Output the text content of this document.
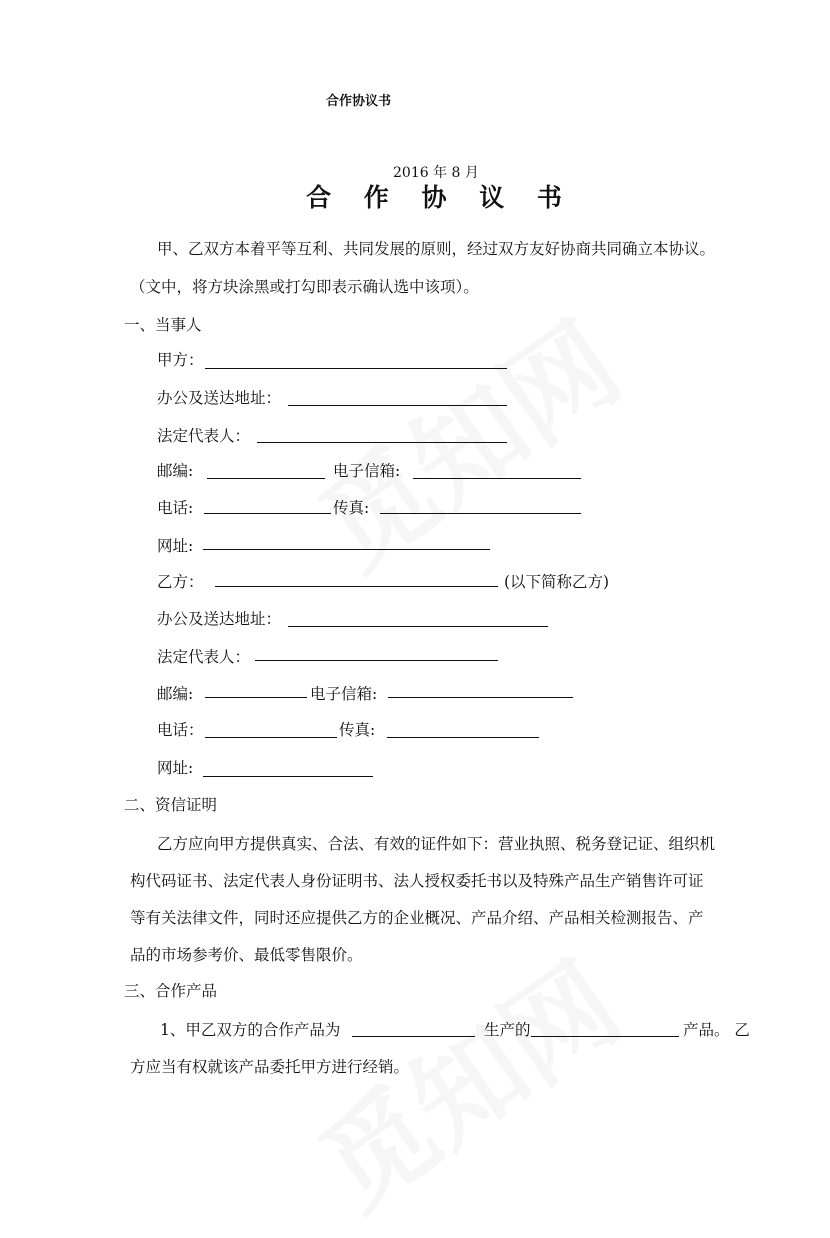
合作协议书
2016 年 8 月
合 作 协 议 书
甲、乙双方本着平等互利、共同发展的原则，经过双方友好协商共同确立本协议。
（文中，将方块涂黑或打勾即表示确认选中该项）。
一、当事人
甲方：
办公及送达地址：
法定代表人：
邮编:	电子信箱:
电话:	传真:
网址:
乙方：	(以下简称乙方)
办公及送达地址：
法定代表人：
邮编:	电子信箱:
电话：	传真:
网址:
二、资信证明
乙方应向甲方提供真实、合法、有效的证件如下：营业执照、税务登记证、组织机
构代码证书、法定代表人身份证明书、法人授权委托书以及特殊产品生产销售许可证
等有关法律文件，同时还应提供乙方的企业概况、产品介绍、产品相关检测报告、产
品的市场参考价、最低零售限价。
三、合作产品
1、甲乙双方的合作产品为	生产的	产品。 乙
方应当有权就该产品委托甲方进行经销。
